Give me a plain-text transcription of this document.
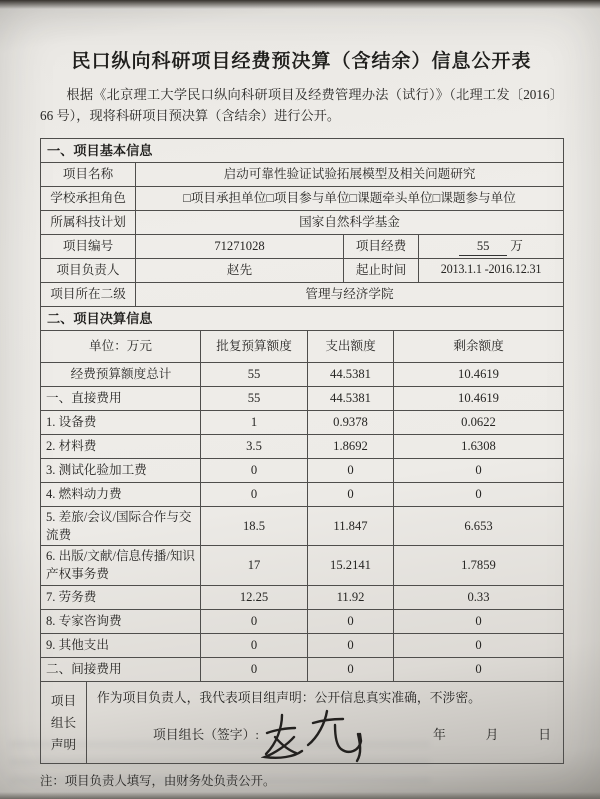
民口纵向科研项目经费预决算（含结余）信息公开表

根据《北京理工大学民口纵向科研项目及经费管理办法（试行）》（北理工发〔2016〕66 号），现将科研项目预决算（含结余）进行公开。

一、项目基本信息			
项目名称	启动可靠性验证试验拓展模型及相关问题研究		
学校承担角色	□项目承担单位□项目参与单位□课题牵头单位□课题参与单位		
所属科技计划	国家自然科学基金		
项目编号	71271028	项目经费	55 万
项目负责人	赵先	起止时间	2013.1.1 -2016.12.31
项目所在二级	管理与经济学院		
二、项目决算信息			
单位：万元	批复预算额度	支出额度	剩余额度
经费预算额度总计	55	44.5381	10.4619
一、直接费用	55	44.5381	10.4619
1. 设备费	1	0.9378	0.0622
2. 材料费	3.5	1.8692	1.6308
3. 测试化验加工费	0	0	0
4. 燃料动力费	0	0	0
5. 差旅/会议/国际合作与交流费	18.5	11.847	6.653
6. 出版/文献/信息传播/知识产权事务费	17	15.2141	1.7859
7. 劳务费	12.25	11.92	0.33
8. 专家咨询费	0	0	0
9. 其他支出	0	0	0
二、间接费用	0	0	0
项目
组长
声明

作为项目负责人，我代表项目组声明：公开信息真实准确，不涉密。
项目组长（签字）:	年	月	日

注：项目负责人填写，由财务处负责公开。
